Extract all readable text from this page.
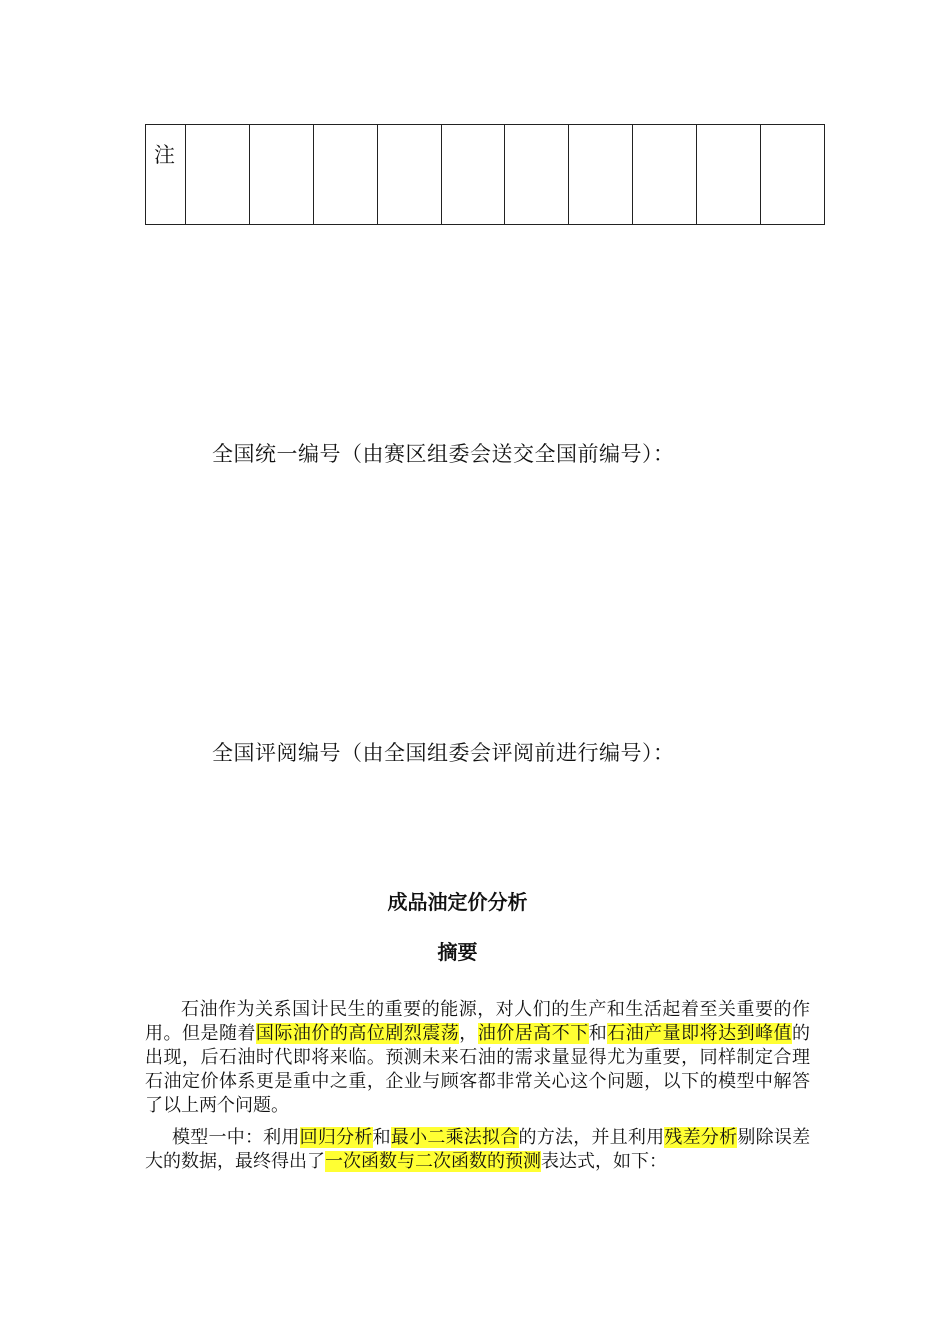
注										
全国统一编号（由赛区组委会送交全国前编号）：
全国评阅编号（由全国组委会评阅前进行编号）：
成品油定价分析
摘要

石油作为关系国计民生的重要的能源，对人们的生产和生活起着至关重要的作用。但是随着国际油价的高位剧烈震荡，油价居高不下和石油产量即将达到峰值的出现，后石油时代即将来临。预测未来石油的需求量显得尤为重要，同样制定合理石油定价体系更是重中之重，企业与顾客都非常关心这个问题，以下的模型中解答了以上两个问题。

模型一中：利用回归分析和最小二乘法拟合的方法，并且利用残差分析剔除误差大的数据，最终得出了一次函数与二次函数的预测表达式，如下：
